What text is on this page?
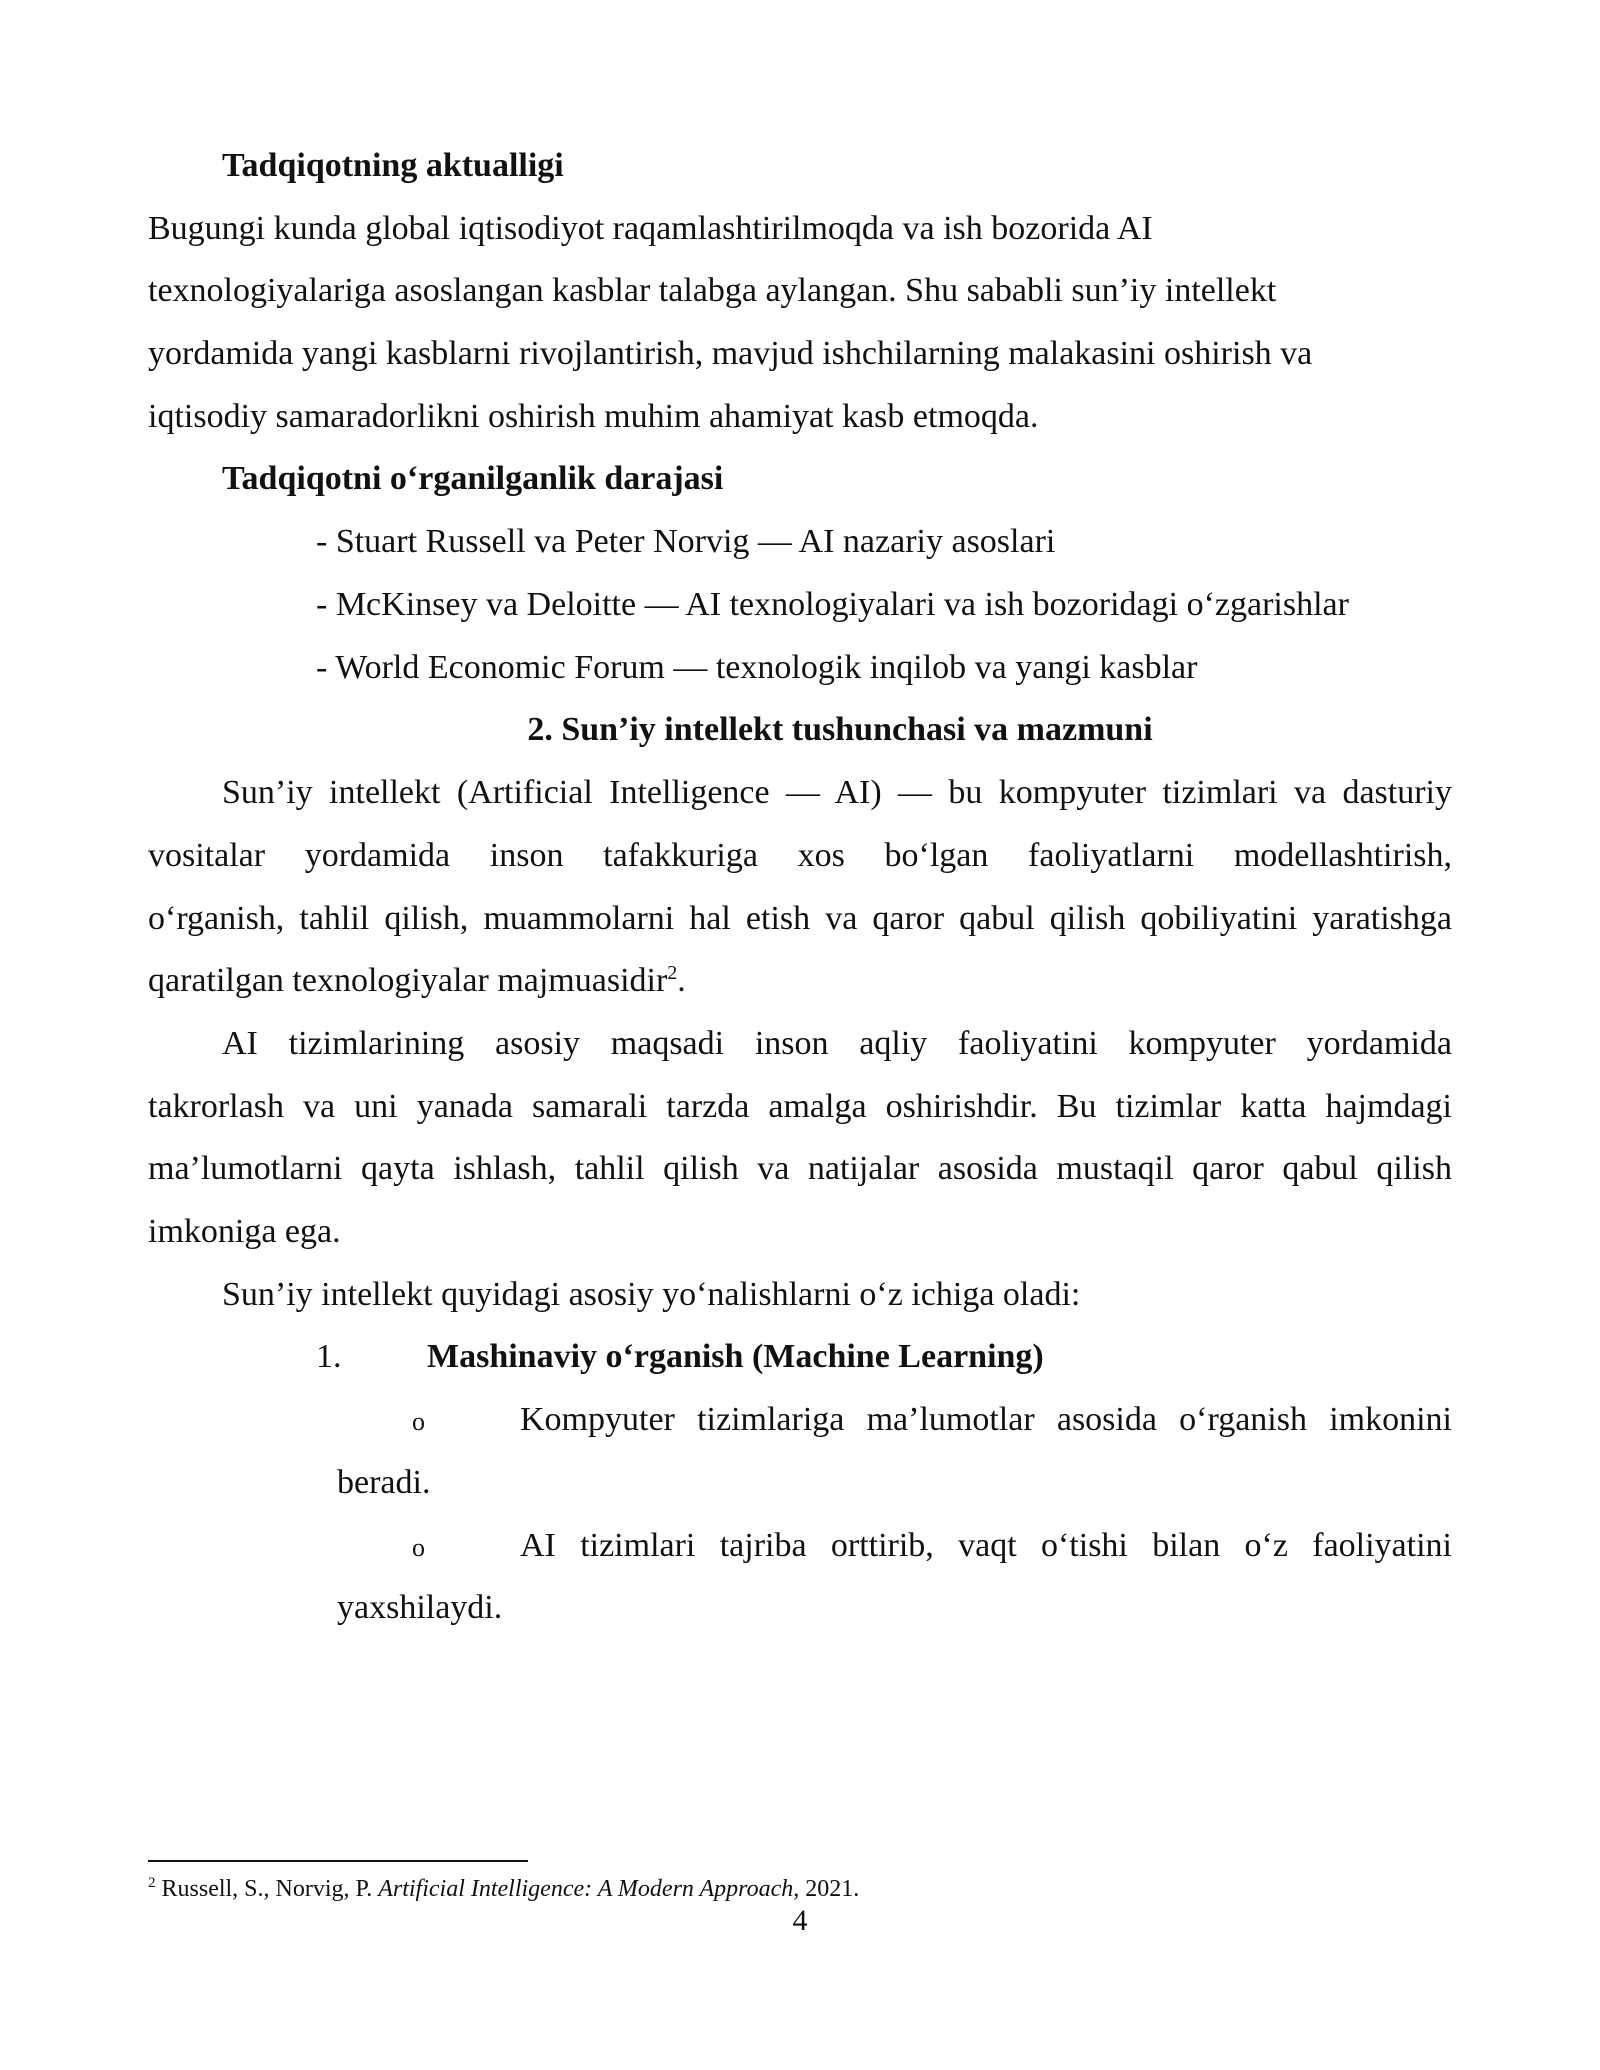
Tadqiqotning aktualligi
Bugungi kunda global iqtisodiyot raqamlashtirilmoqda va ish bozorida AI
texnologiyalariga asoslangan kasblar talabga aylangan. Shu sababli sun’iy intellekt
yordamida yangi kasblarni rivojlantirish, mavjud ishchilarning malakasini oshirish va
iqtisodiy samaradorlikni oshirish muhim ahamiyat kasb etmoqda.
Tadqiqotni o‘rganilganlik darajasi
- Stuart Russell va Peter Norvig — AI nazariy asoslari
- McKinsey va Deloitte — AI texnologiyalari va ish bozoridagi o‘zgarishlar
- World Economic Forum — texnologik inqilob va yangi kasblar
2. Sun’iy intellekt tushunchasi va mazmuni
Sun’iy intellekt (Artificial Intelligence — AI) — bu kompyuter tizimlari va dasturiy
vositalar yordamida inson tafakkuriga xos bo‘lgan faoliyatlarni modellashtirish,
o‘rganish, tahlil qilish, muammolarni hal etish va qaror qabul qilish qobiliyatini yaratishga
qaratilgan texnologiyalar majmuasidir$^2$.
AI tizimlarining asosiy maqsadi inson aqliy faoliyatini kompyuter yordamida
takrorlash va uni yanada samarali tarzda amalga oshirishdir. Bu tizimlar katta hajmdagi
ma’lumotlarni qayta ishlash, tahlil qilish va natijalar asosida mustaqil qaror qabul qilish
imkoniga ega.
Sun’iy intellekt quyidagi asosiy yo‘nalishlarni o‘z ichiga oladi:
1.	Mashinaviy o‘rganish (Machine Learning)
o	Kompyuter tizimlariga ma’lumotlar asosida o‘rganish imkonini
beradi.
o	AI tizimlari tajriba orttirib, vaqt o‘tishi bilan o‘z faoliyatini
yaxshilaydi.
$^2$ Russell, S., Norvig, P. Artificial Intelligence: A Modern Approach, 2021.
4
